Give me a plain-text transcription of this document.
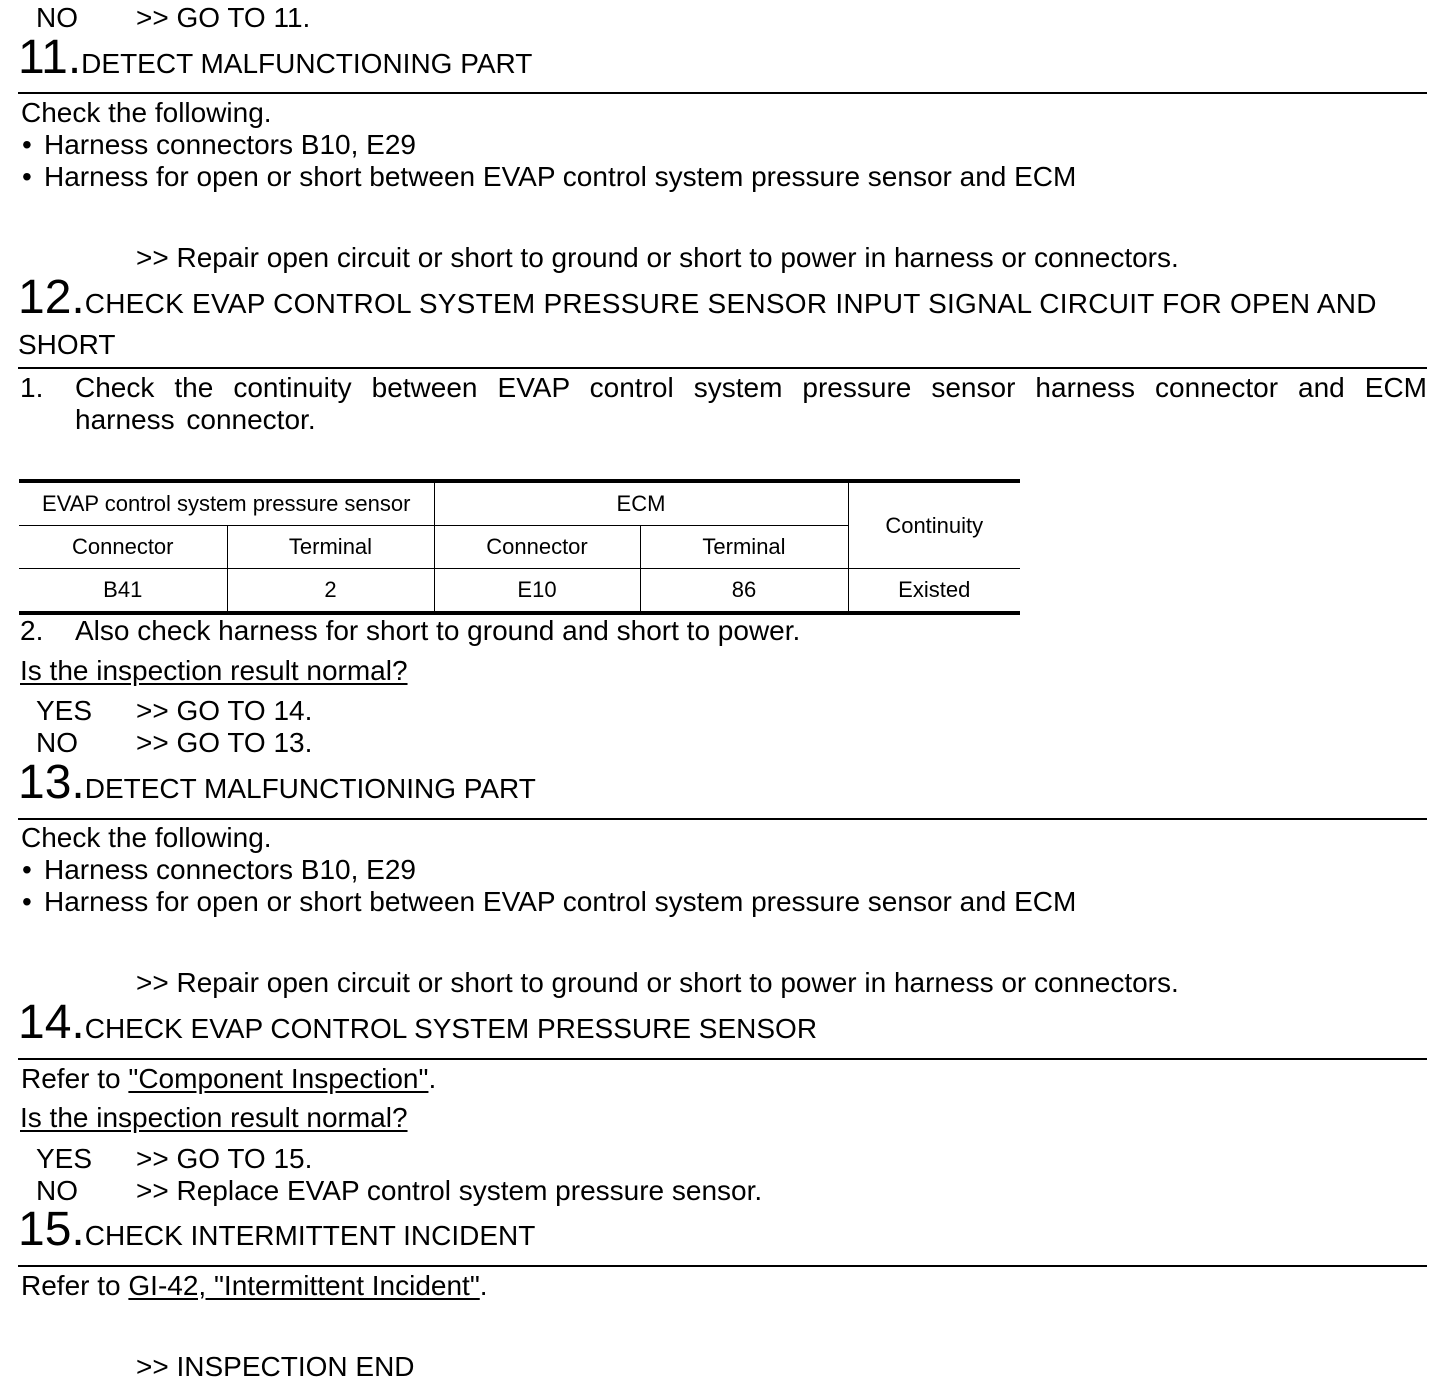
NO >> GO TO 11.
11.DETECT MALFUNCTIONING PART
Check the following.
• Harness connectors B10, E29
• Harness for open or short between EVAP control system pressure sensor and ECM
>> Repair open circuit or short to ground or short to power in harness or connectors.
12.CHECK EVAP CONTROL SYSTEM PRESSURE SENSOR INPUT SIGNAL CIRCUIT FOR OPEN AND
SHORT
1. Check the continuity between EVAP control system pressure sensor harness connector and ECM harness connector.
EVAP control system pressure sensor		ECM		Continuity
Connector	Terminal	Connector	Terminal	
B41	2	E10	86	Existed
2. Also check harness for short to ground and short to power.
Is the inspection result normal?
YES >> GO TO 14.
NO >> GO TO 13.
13.DETECT MALFUNCTIONING PART
Check the following.
• Harness connectors B10, E29
• Harness for open or short between EVAP control system pressure sensor and ECM
>> Repair open circuit or short to ground or short to power in harness or connectors.
14.CHECK EVAP CONTROL SYSTEM PRESSURE SENSOR
Refer to "Component Inspection".
Is the inspection result normal?
YES >> GO TO 15.
NO >> Replace EVAP control system pressure sensor.
15.CHECK INTERMITTENT INCIDENT
Refer to GI-42, "Intermittent Incident".
>> INSPECTION END
